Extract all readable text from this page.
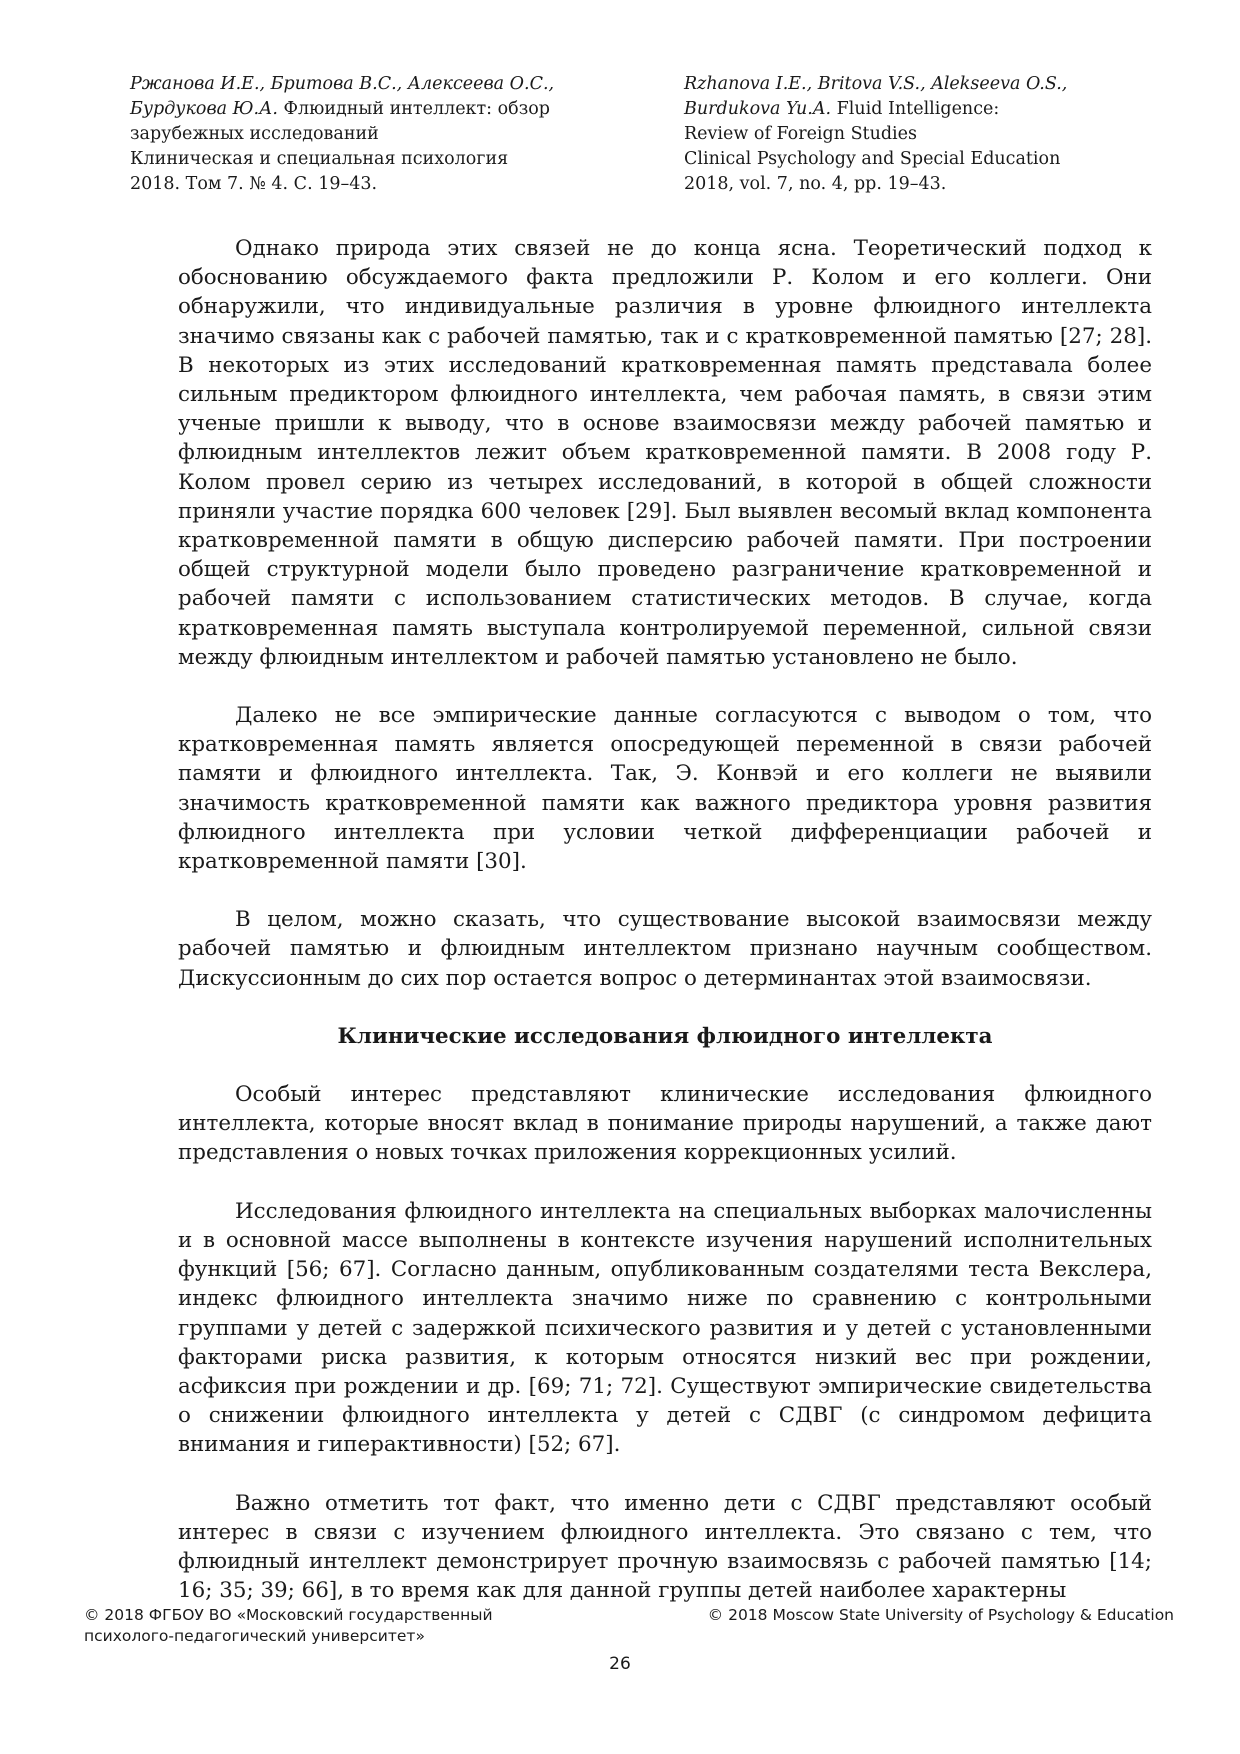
Ржанова И.Е., Бритова В.С., Алексеева О.С.,
Бурдукова Ю.А. Флюидный интеллект: обзор
зарубежных исследований
Клиническая и специальная психология
2018. Том 7. № 4. С. 19–43.
Rzhanova I.E., Britova V.S., Alekseeva O.S.,
Burdukova Yu.A. Fluid Intelligence:
Review of Foreign Studies
Clinical Psychology and Special Education
2018, vol. 7, no. 4, pp. 19–43.

Однако природа этих связей не до конца ясна. Теоретический подход к обоснованию обсуждаемого факта предложили Р. Колом и его коллеги. Они обнаружили, что индивидуальные различия в уровне флюидного интеллекта значимо связаны как с рабочей памятью, так и с кратковременной памятью [27; 28]. В некоторых из этих исследований кратковременная память представала более сильным предиктором флюидного интеллекта, чем рабочая память, в связи этим ученые пришли к выводу, что в основе взаимосвязи между рабочей памятью и флюидным интеллектов лежит объем кратковременной памяти. В 2008 году Р. Колом провел серию из четырех исследований, в которой в общей сложности приняли участие порядка 600 человек [29]. Был выявлен весомый вклад компонента кратковременной памяти в общую дисперсию рабочей памяти. При построении общей структурной модели было проведено разграничение кратковременной и рабочей памяти с использованием статистических методов. В случае, когда кратковременная память выступала контролируемой переменной, сильной связи между флюидным интеллектом и рабочей памятью установлено не было.

Далеко не все эмпирические данные согласуются с выводом о том, что кратковременная память является опосредующей переменной в связи рабочей памяти и флюидного интеллекта. Так, Э. Конвэй и его коллеги не выявили значимость кратковременной памяти как важного предиктора уровня развития флюидного интеллекта при условии четкой дифференциации рабочей и кратковременной памяти [30].

В целом, можно сказать, что существование высокой взаимосвязи между рабочей памятью и флюидным интеллектом признано научным сообществом. Дискуссионным до сих пор остается вопрос о детерминантах этой взаимосвязи.

Клинические исследования флюидного интеллекта

Особый интерес представляют клинические исследования флюидного интеллекта, которые вносят вклад в понимание природы нарушений, а также дают представления о новых точках приложения коррекционных усилий.

Исследования флюидного интеллекта на специальных выборках малочисленны и в основной массе выполнены в контексте изучения нарушений исполнительных функций [56; 67]. Согласно данным, опубликованным создателями теста Векслера, индекс флюидного интеллекта значимо ниже по сравнению с контрольными группами у детей с задержкой психического развития и у детей с установленными факторами риска развития, к которым относятся низкий вес при рождении, асфиксия при рождении и др. [69; 71; 72]. Существуют эмпирические свидетельства о снижении флюидного интеллекта у детей с СДВГ (с синдромом дефицита внимания и гиперактивности) [52; 67].

Важно отметить тот факт, что именно дети с СДВГ представляют особый интерес в связи с изучением флюидного интеллекта. Это связано с тем, что флюидный интеллект демонстрирует прочную взаимосвязь с рабочей памятью [14; 16; 35; 39; 66], в то время как для данной группы детей наиболее характерны

© 2018 ФГБОУ ВО «Московский государственный
психолого-педагогический университет»
© 2018 Moscow State University of Psychology & Education
26
